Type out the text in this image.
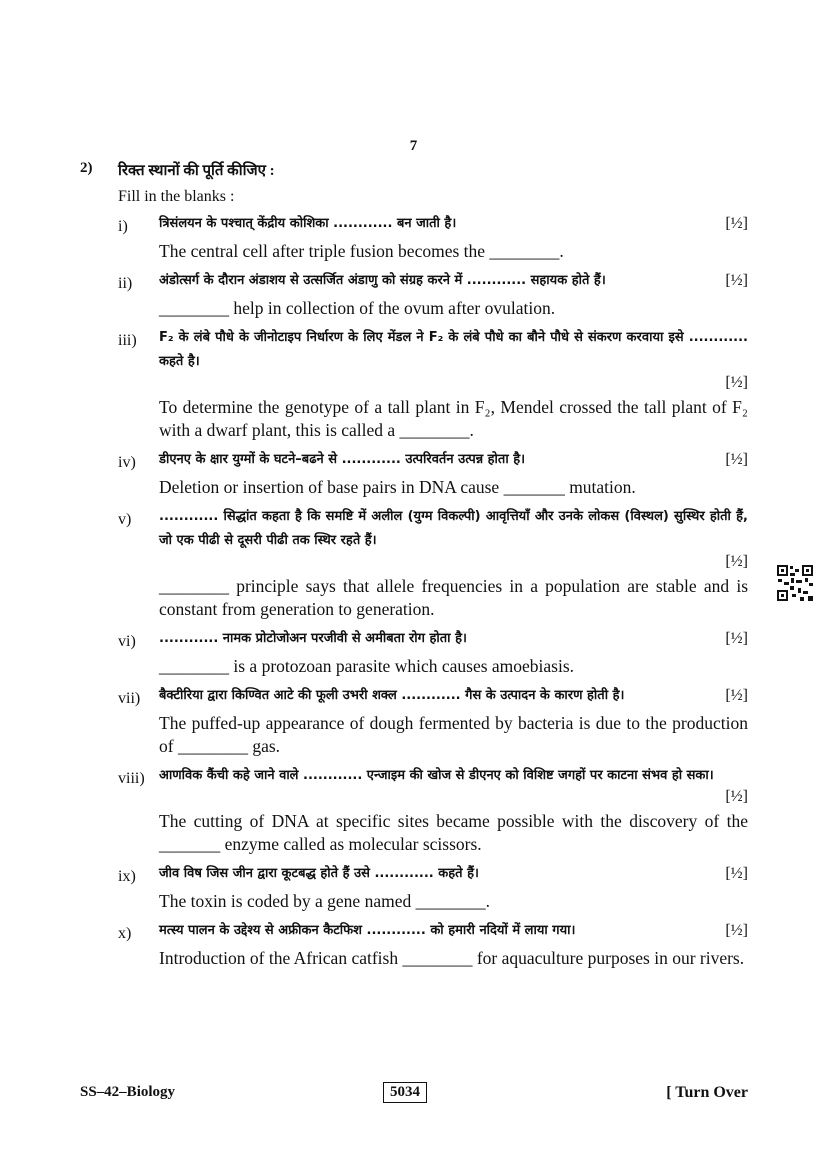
7
2) रिक्त स्थानों की पूर्ति कीजिए :
Fill in the blanks :
i) त्रिसंलयन के पश्चात् केंद्रीय कोशिका ............ बन जाती है।	[½]
The central cell after triple fusion becomes the ________.
ii) अंडोत्सर्ग के दौरान अंडाशय से उत्सर्जित अंडाणु को संग्रह करने में ............ सहायक होते हैं।	[½]
________ help in collection of the ovum after ovulation.
iii) F₂ के लंबे पौधे के जीनोटाइप निर्धारण के लिए मेंडल ने F₂ के लंबे पौधे का बौने पौधे से संकरण करवाया इसे ............ कहते है।
[½]
To determine the genotype of a tall plant in F₂, Mendel crossed the tall plant of F₂ with a dwarf plant, this is called a ________.
iv) डीएनए के क्षार युग्मों के घटने–बढने से ............ उत्परिवर्तन उत्पन्न होता है।	[½]
Deletion or insertion of base pairs in DNA cause _______ mutation.
v) ............ सिद्धांत कहता है कि समष्टि में अलील (युग्म विकल्पी) आवृत्तियाँ और उनके लोकस (विस्थल) सुस्थिर होती हैं, जो एक पीढी से दूसरी पीढी तक स्थिर रहते हैं।
[½]
________ principle says that allele frequencies in a population are stable and is constant from generation to generation.
vi) ............ नामक प्रोटोजोअन परजीवी से अमीबता रोग होता है।	[½]
________ is a protozoan parasite which causes amoebiasis.
vii) बैक्टीरिया द्वारा किण्वित आटे की फूली उभरी शक्ल ............ गैस के उत्पादन के कारण होती है।	[½]
The puffed-up appearance of dough fermented by bacteria is due to the production of ________ gas.
viii) आणविक कैंची कहे जाने वाले ............ एन्जाइम की खोज से डीएनए को विशिष्ट जगहों पर काटना संभव हो सका।
[½]
The cutting of DNA at specific sites became possible with the discovery of the _______ enzyme called as molecular scissors.
ix) जीव विष जिस जीन द्वारा कूटबद्ध होते हैं उसे ............ कहते हैं।	[½]
The toxin is coded by a gene named ________.
x) मत्स्य पालन के उद्देश्य से अफ्रीकन कैटफिश ............ को हमारी नदियों में लाया गया।	[½]
Introduction of the African catfish ________ for aquaculture purposes in our rivers.
SS–42–Biology	5034	[ Turn Over
